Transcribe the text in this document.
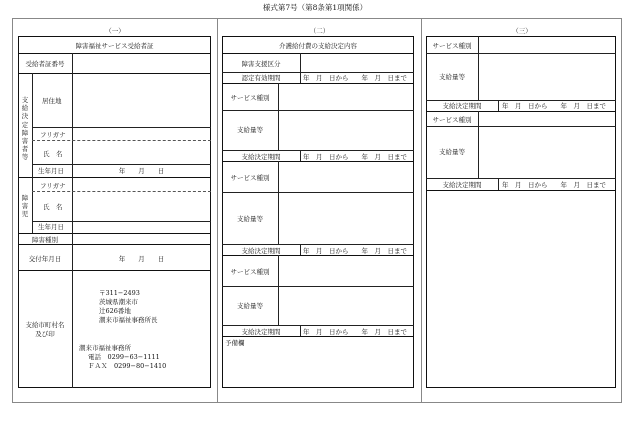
様式第7号（第8条第1項関係）
（一）	（二）	（三）
障害福祉サービス受給者証
受給者証番号
支給決定障害者等
居住地
フリガナ
氏　名
生年月日	年　　月　　日
障害児
フリガナ
氏　名
生年月日
障害種別
交付年月日	年　　月　　日
支給市町村名
及び印
〒311−2493
茨城県潮来市
辻626番地
潮来市福祉事務所長
潮来市福祉事務所
電話　0299−63−1111
ＦＡＸ　0299−80−1410
介護給付費の支給決定内容
障害支援区分
認定有効期間	年　月　日から　　年　月　日まで
サービス種別
支給量等
支給決定期間	年　月　日から　　年　月　日まで
サービス種別
支給量等
支給決定期間	年　月　日から　　年　月　日まで
サービス種別
支給量等
支給決定期間	年　月　日から　　年　月　日まで
予備欄
サービス種別
支給量等
支給決定期間	年　月　日から　　年　月　日まで
サービス種別
支給量等
支給決定期間	年　月　日から　　年　月　日まで
